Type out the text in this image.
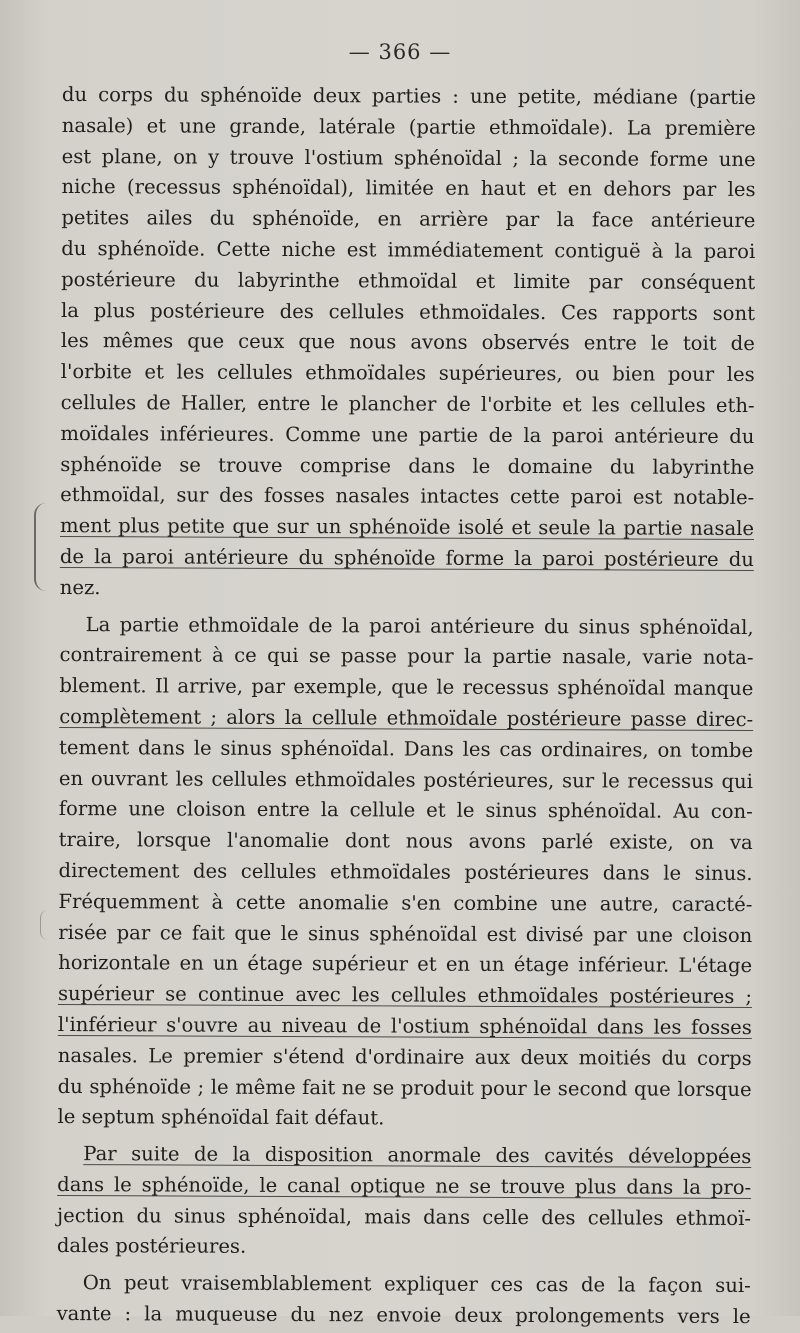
— 366 —
du corps du sphénoïde deux parties : une petite, médiane (partie
nasale) et une grande, latérale (partie ethmoïdale). La première
est plane, on y trouve l'ostium sphénoïdal ; la seconde forme une
niche (recessus sphénoïdal), limitée en haut et en dehors par les
petites ailes du sphénoïde, en arrière par la face antérieure
du sphénoïde. Cette niche est immédiatement contiguë à la paroi
postérieure du labyrinthe ethmoïdal et limite par conséquent
la plus postérieure des cellules ethmoïdales. Ces rapports sont
les mêmes que ceux que nous avons observés entre le toit de
l'orbite et les cellules ethmoïdales supérieures, ou bien pour les
cellules de Haller, entre le plancher de l'orbite et les cellules eth-
moïdales inférieures. Comme une partie de la paroi antérieure du
sphénoïde se trouve comprise dans le domaine du labyrinthe
ethmoïdal, sur des fosses nasales intactes cette paroi est notable-
ment plus petite que sur un sphénoïde isolé et seule la partie nasale
de la paroi antérieure du sphénoïde forme la paroi postérieure du
nez.
La partie ethmoïdale de la paroi antérieure du sinus sphénoïdal,
contrairement à ce qui se passe pour la partie nasale, varie nota-
blement. Il arrive, par exemple, que le recessus sphénoïdal manque
complètement ; alors la cellule ethmoïdale postérieure passe direc-
tement dans le sinus sphénoïdal. Dans les cas ordinaires, on tombe
en ouvrant les cellules ethmoïdales postérieures, sur le recessus qui
forme une cloison entre la cellule et le sinus sphénoïdal. Au con-
traire, lorsque l'anomalie dont nous avons parlé existe, on va
directement des cellules ethmoïdales postérieures dans le sinus.
Fréquemment à cette anomalie s'en combine une autre, caracté-
risée par ce fait que le sinus sphénoïdal est divisé par une cloison
horizontale en un étage supérieur et en un étage inférieur. L'étage
supérieur se continue avec les cellules ethmoïdales postérieures ;
l'inférieur s'ouvre au niveau de l'ostium sphénoïdal dans les fosses
nasales. Le premier s'étend d'ordinaire aux deux moitiés du corps
du sphénoïde ; le même fait ne se produit pour le second que lorsque
le septum sphénoïdal fait défaut.
Par suite de la disposition anormale des cavités développées
dans le sphénoïde, le canal optique ne se trouve plus dans la pro-
jection du sinus sphénoïdal, mais dans celle des cellules ethmoï-
dales postérieures.
On peut vraisemblablement expliquer ces cas de la façon sui-
vante : la muqueuse du nez envoie deux prolongements vers le
